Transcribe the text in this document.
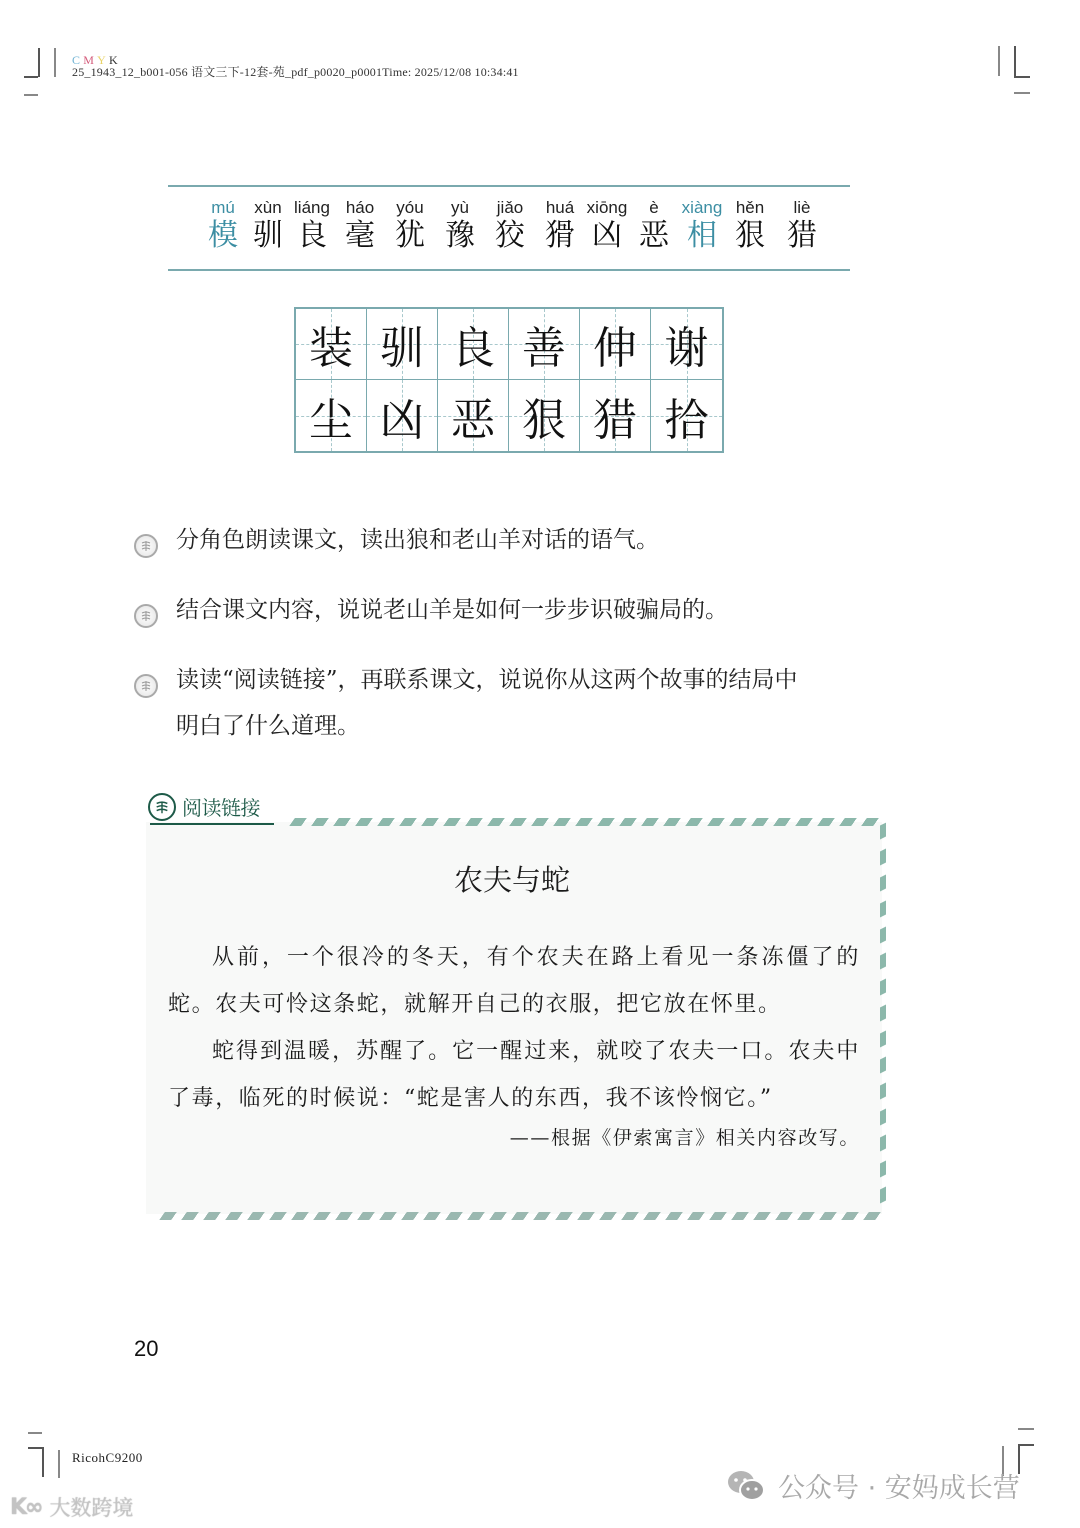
C M Y K
25_1943_12_b001-056 语文三下-12套-苑_pdf_p0020_p0001Time: 2025/12/08 10:34:41
mú
模
xùn
驯
liáng
良
háo
毫
yóu
犹
yù
豫
jiǎo
狡
huá
猾
xiōng
凶
è
恶
xiàng
相
hěn
狠
liè
猎
装 驯 良 善 伸 谢
尘 凶 恶 狠 猎 拾
分角色朗读课文，读出狼和老山羊对话的语气。
结合课文内容，说说老山羊是如何一步步识破骗局的。
读读“阅读链接”，再联系课文，说说你从这两个故事的结局中
明白了什么道理。
阅读链接
农夫与蛇

从前，一个很冷的冬天，有个农夫在路上看见一条冻僵了的蛇。农夫可怜这条蛇，就解开自己的衣服，把它放在怀里。

蛇得到温暖，苏醒了。它一醒过来，就咬了农夫一口。农夫中了毒，临死的时候说：“蛇是害人的东西，我不该怜悯它。”

——根据《伊索寓言》相关内容改写。

20
RicohC9200
K∞ 大数跨境
公众号 · 安妈成长营
